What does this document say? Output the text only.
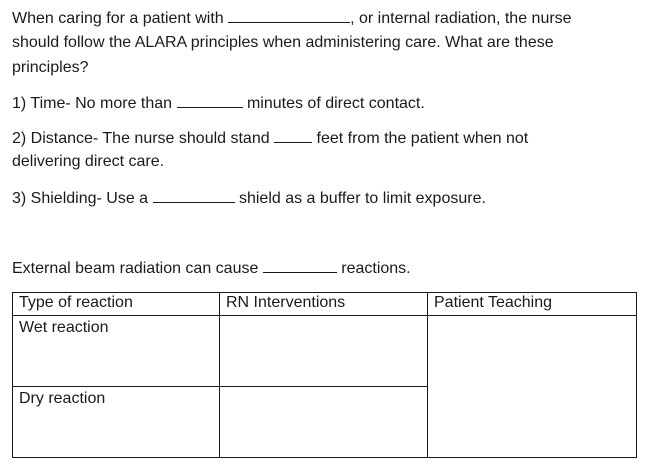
When caring for a patient with	, or internal radiation, the nurse
should follow the ALARA principles when administering care. What are these
principles?
1) Time- No more than	minutes of direct contact.
2) Distance- The nurse should stand  feet from the patient when not
delivering direct care.
3) Shielding- Use a	shield as a buffer to limit exposure.
External beam radiation can cause	reactions.
Type of reaction	RN Interventions	Patient Teaching
Wet reaction		
Dry reaction		
